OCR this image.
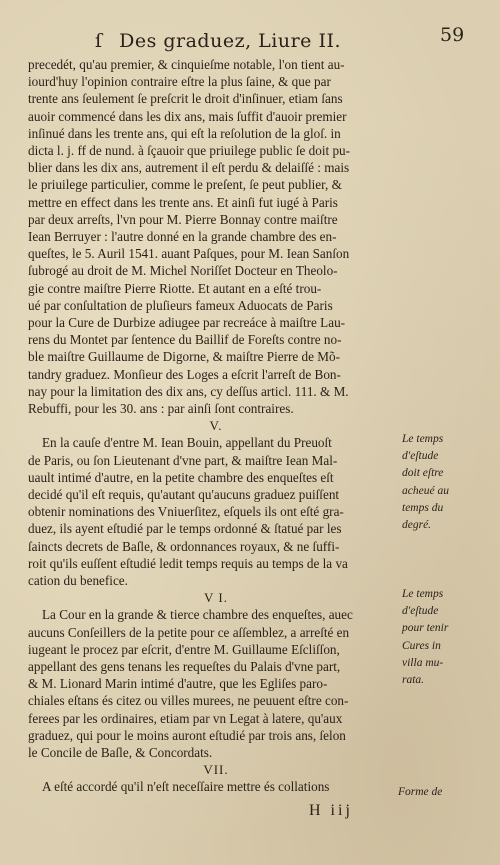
ſ Des graduez, Liure II.	59

precedét, qu'au premier, & cinquieſme notable, l'on tient au-
iourd'huy l'opinion contraire eſtre la plus ſaine, & que par
trente ans ſeulement ſe preſcrit le droit d'inſinuer, etiam ſans
auoir commencé dans les dix ans, mais ſuffit d'auoir premier
inſinué dans les trente ans, qui eſt la reſolution de la gloſ. in
dicta l. j. ff de nund. à ſçauoir que priuilege public ſe doit pu-
blier dans les dix ans, autrement il eſt perdu & delaiſſé : mais
le priuilege particulier, comme le preſent, ſe peut publier, &
mettre en effect dans les trente ans. Et ainſi fut iugé à Paris
par deux arreſts, l'vn pour M. Pierre Bonnay contre maiſtre
Iean Berruyer : l'autre donné en la grande chambre des en-
queſtes, le 5. Auril 1541. auant Paſques, pour M. Iean Sanſon
ſubrogé au droit de M. Michel Noriſſet Docteur en Theolo-
gie contre maiſtre Pierre Riotte. Et autant en a eſté trou-
ué par conſultation de pluſieurs fameux Aduocats de Paris
pour la Cure de Durbize adiugee par recreáce à maiſtre Lau-
rens du Montet par ſentence du Baillif de Foreſts contre no-
ble maiſtre Guillaume de Digorne, & maiſtre Pierre de Mõ-
tandry graduez. Monſieur des Loges a eſcrit l'arreſt de Bon-
nay pour la limitation des dix ans, cy deſſus articl. 111. & M.
Rebuffi, pour les 30. ans : par ainſi ſont contraires.

V.

En la cauſe d'entre M. Iean Bouin, appellant du Preuoſt
de Paris, ou ſon Lieutenant d'vne part, & maiſtre Iean Mal-
uault intimé d'autre, en la petite chambre des enqueſtes eſt
decidé qu'il eſt requis, qu'autant qu'aucuns graduez puiſſent
obtenir nominations des Vniuerſitez, eſquels ils ont eſté gra-
duez, ils ayent eſtudié par le temps ordonné & ſtatué par les
ſaincts decrets de Baſle, & ordonnances royaux, & ne ſuffi-
roit qu'ils euſſent eſtudié ledit temps requis au temps de la va
cation du benefice.

V I.

La Cour en la grande & tierce chambre des enqueſtes, auec
aucuns Conſeillers de la petite pour ce aſſemblez, a arreſté en
iugeant le procez par eſcrit, d'entre M. Guillaume Eſcliſſon,
appellant des gens tenans les requeſtes du Palais d'vne part,
& M. Lionard Marin intimé d'autre, que les Egliſes paro-
chiales eſtans és citez ou villes murees, ne peuuent eſtre con-
ferees par les ordinaires, etiam par vn Legat à latere, qu'aux
graduez, qui pour le moins auront eſtudié par trois ans, ſelon
le Concile de Baſle, & Concordats.

VII.

A eſté accordé qu'il n'eſt neceſſaire mettre és collations

Le temps
d'eſtude
doit eſtre
acheué au
temps du
degré.
Le temps
d'eſtude
pour tenir
Cures in
villa mu-
rata.
Forme de
H iij
